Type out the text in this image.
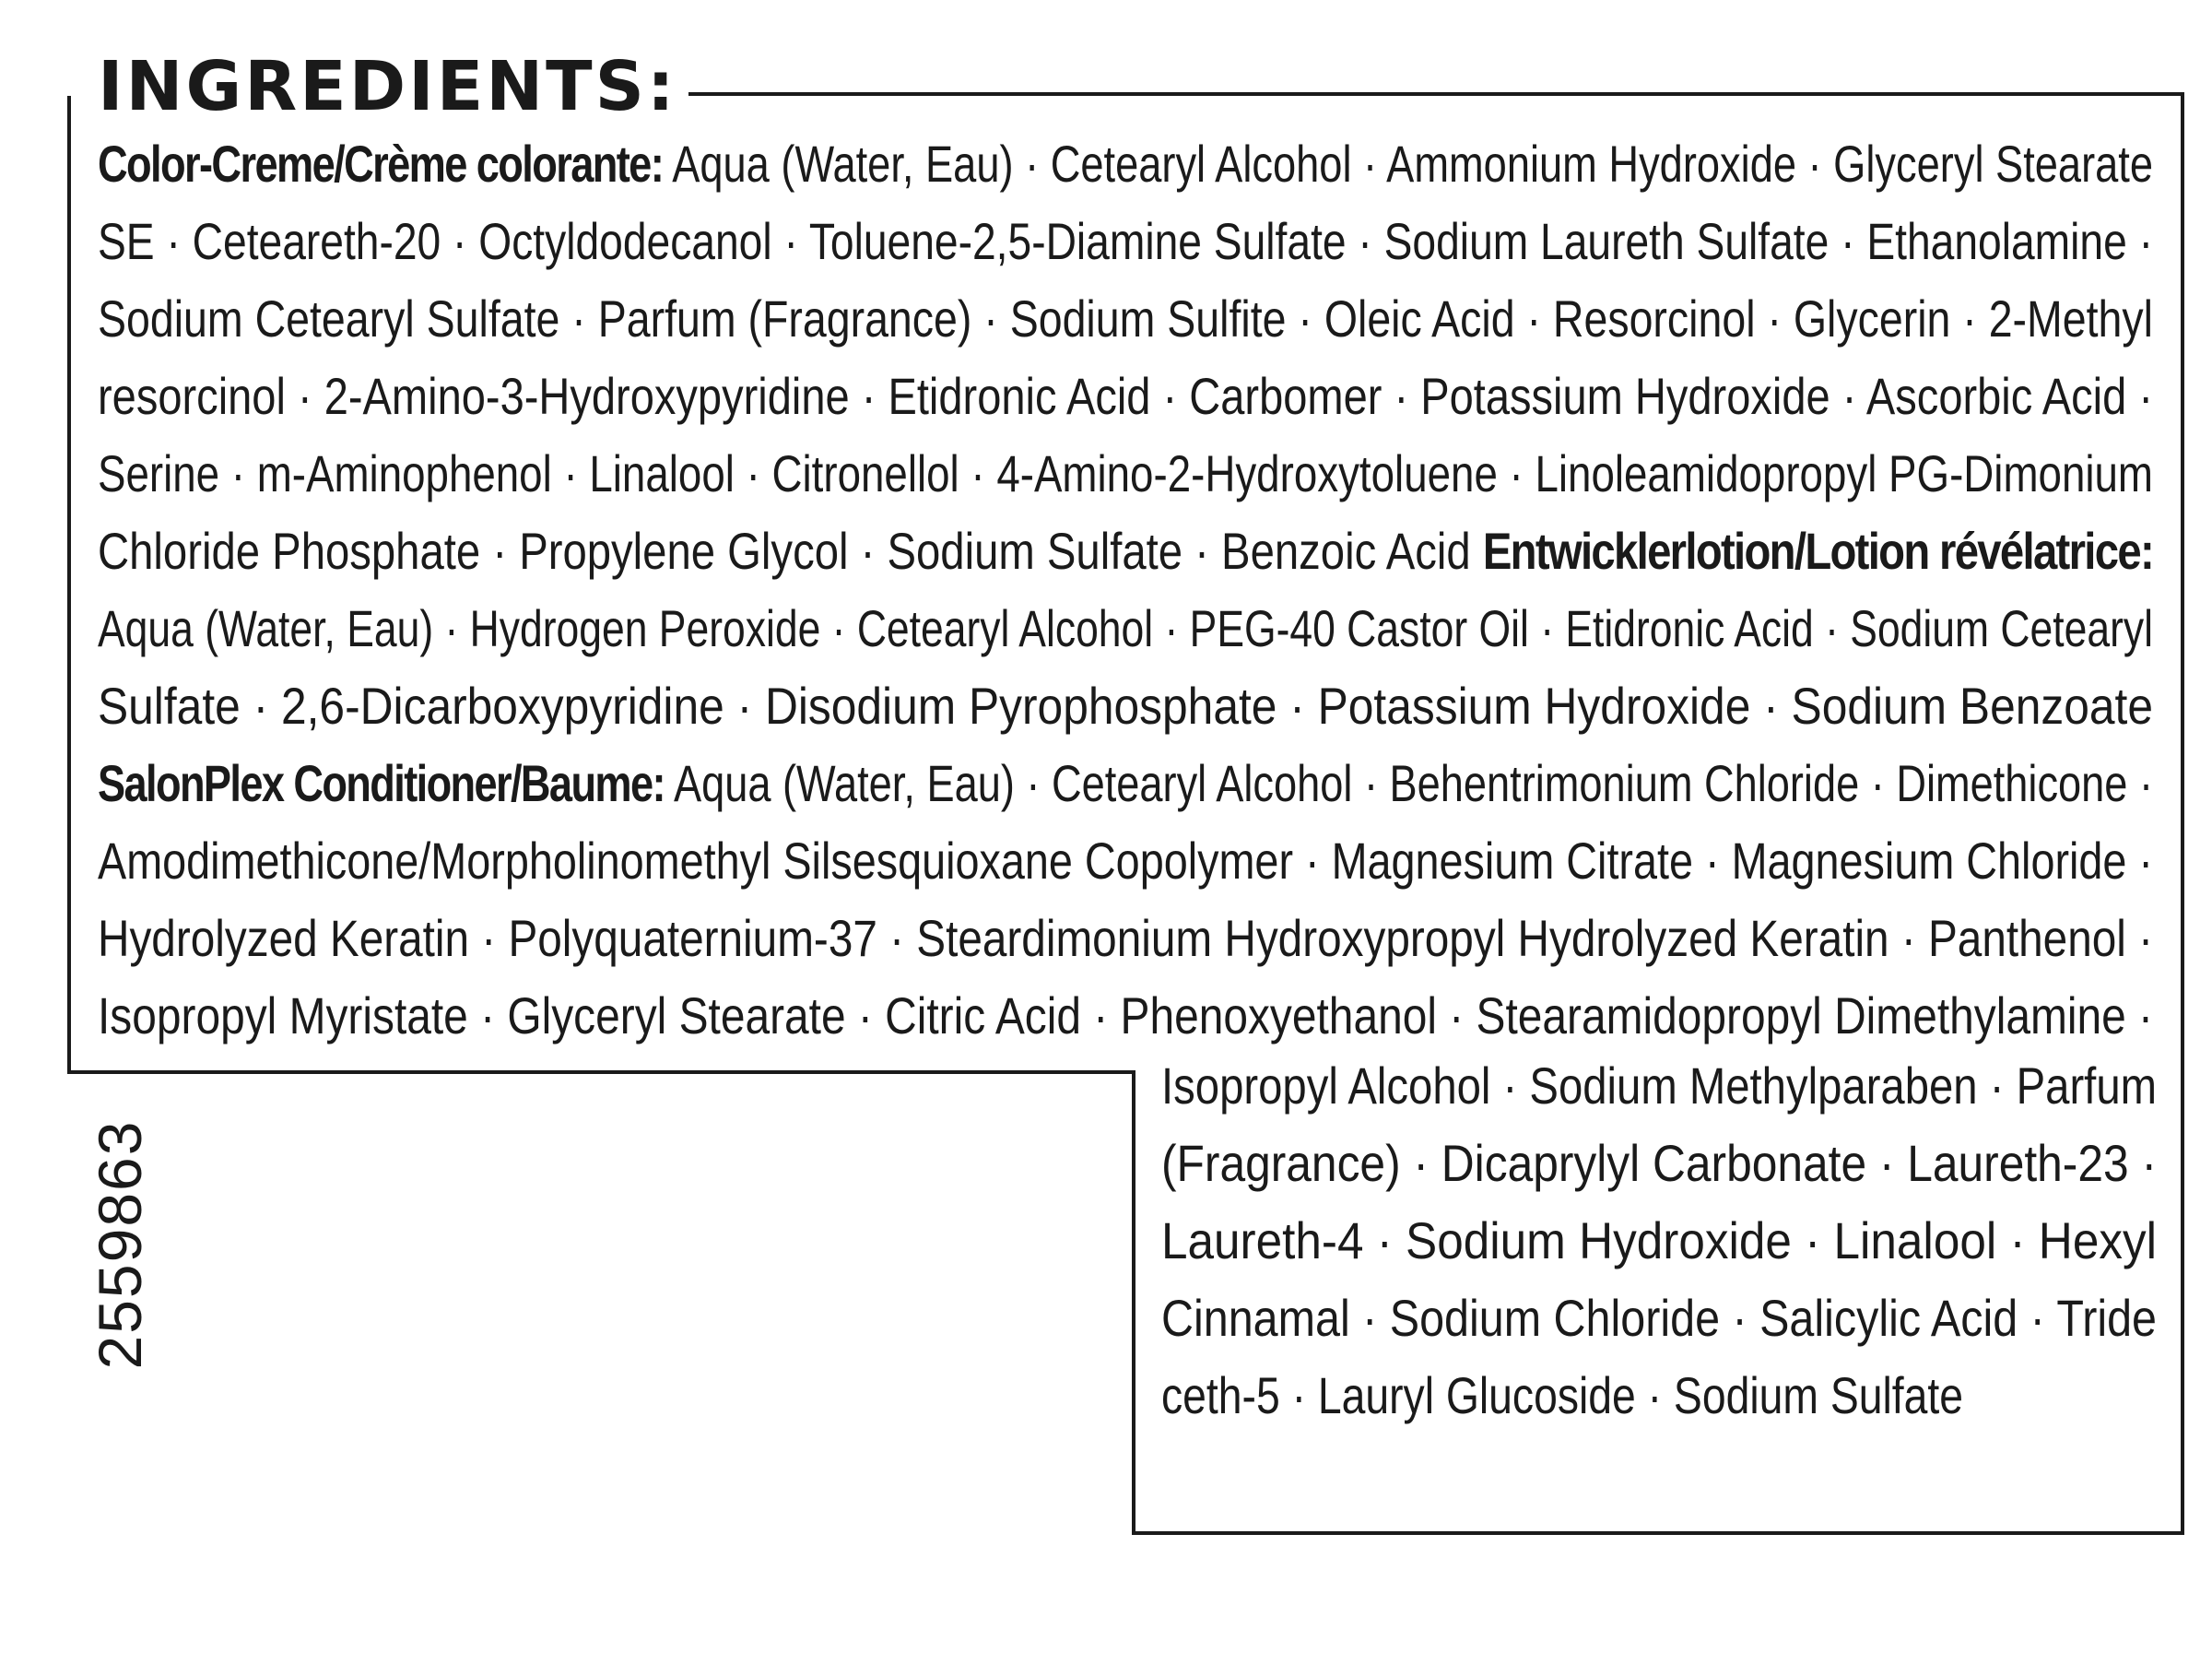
INGREDIENTS:
Color-Creme/Crème colorante: Aqua (Water, Eau) · Cetearyl Alcohol · Ammonium Hydroxide · Glyceryl Stearate
SE · Ceteareth-20 · Octyldodecanol · Toluene-2,5-Diamine Sulfate · Sodium Laureth Sulfate · Ethanolamine ·
Sodium Cetearyl Sulfate · Parfum (Fragrance) · Sodium Sulfite · Oleic Acid · Resorcinol · Glycerin · 2-Methyl
resorcinol · 2-Amino-3-Hydroxypyridine · Etidronic Acid · Carbomer · Potassium Hydroxide · Ascorbic Acid ·
Serine · m-Aminophenol · Linalool · Citronellol · 4-Amino-2-Hydroxytoluene · Linoleamidopropyl PG-Dimonium
Chloride Phosphate · Propylene Glycol · Sodium Sulfate · Benzoic Acid Entwicklerlotion/Lotion révélatrice:
Aqua (Water, Eau) · Hydrogen Peroxide · Cetearyl Alcohol · PEG-40 Castor Oil · Etidronic Acid · Sodium Cetearyl
Sulfate · 2,6-Dicarboxypyridine · Disodium Pyrophosphate · Potassium Hydroxide · Sodium Benzoate
SalonPlex Conditioner/Baume: Aqua (Water, Eau) · Cetearyl Alcohol · Behentrimonium Chloride · Dimethicone ·
Amodimethicone/Morpholinomethyl Silsesquioxane Copolymer · Magnesium Citrate · Magnesium Chloride ·
Hydrolyzed Keratin · Polyquaternium-37 · Steardimonium Hydroxypropyl Hydrolyzed Keratin · Panthenol ·
Isopropyl Myristate · Glyceryl Stearate · Citric Acid · Phenoxyethanol · Stearamidopropyl Dimethylamine ·
Isopropyl Alcohol · Sodium Methylparaben · Parfum
(Fragrance) · Dicaprylyl Carbonate · Laureth-23 ·
Laureth-4 · Sodium Hydroxide · Linalool · Hexyl
Cinnamal · Sodium Chloride · Salicylic Acid · Tride
ceth-5 · Lauryl Glucoside · Sodium Sulfate
2559863
